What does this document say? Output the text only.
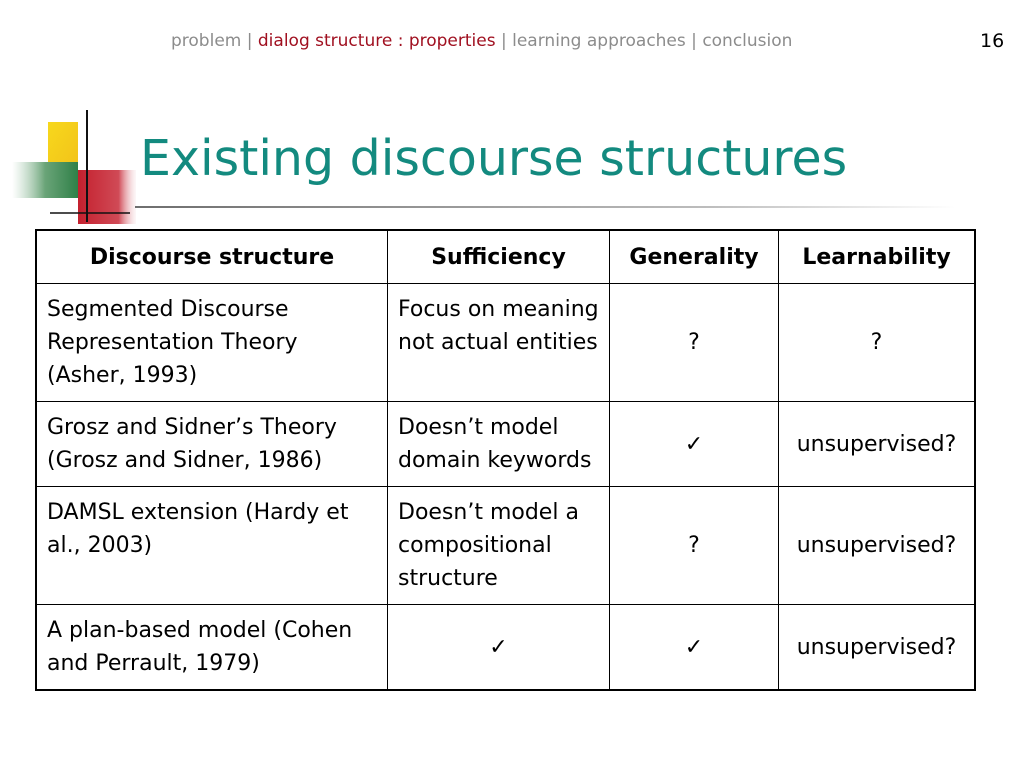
problem | dialog structure : properties | learning approaches | conclusion	16
Existing discourse structures
Discourse structure	Sufficiency	Generality	Learnability
Segmented Discourse Representation Theory (Asher, 1993)	Focus on meaning not actual entities	?	?
Grosz and Sidner’s Theory (Grosz and Sidner, 1986)	Doesn’t model domain keywords	✓	unsupervised?
DAMSL extension (Hardy et al., 2003)	Doesn’t model a compositional structure	?	unsupervised?
A plan-based model (Cohen and Perrault, 1979)	✓	✓	unsupervised?
